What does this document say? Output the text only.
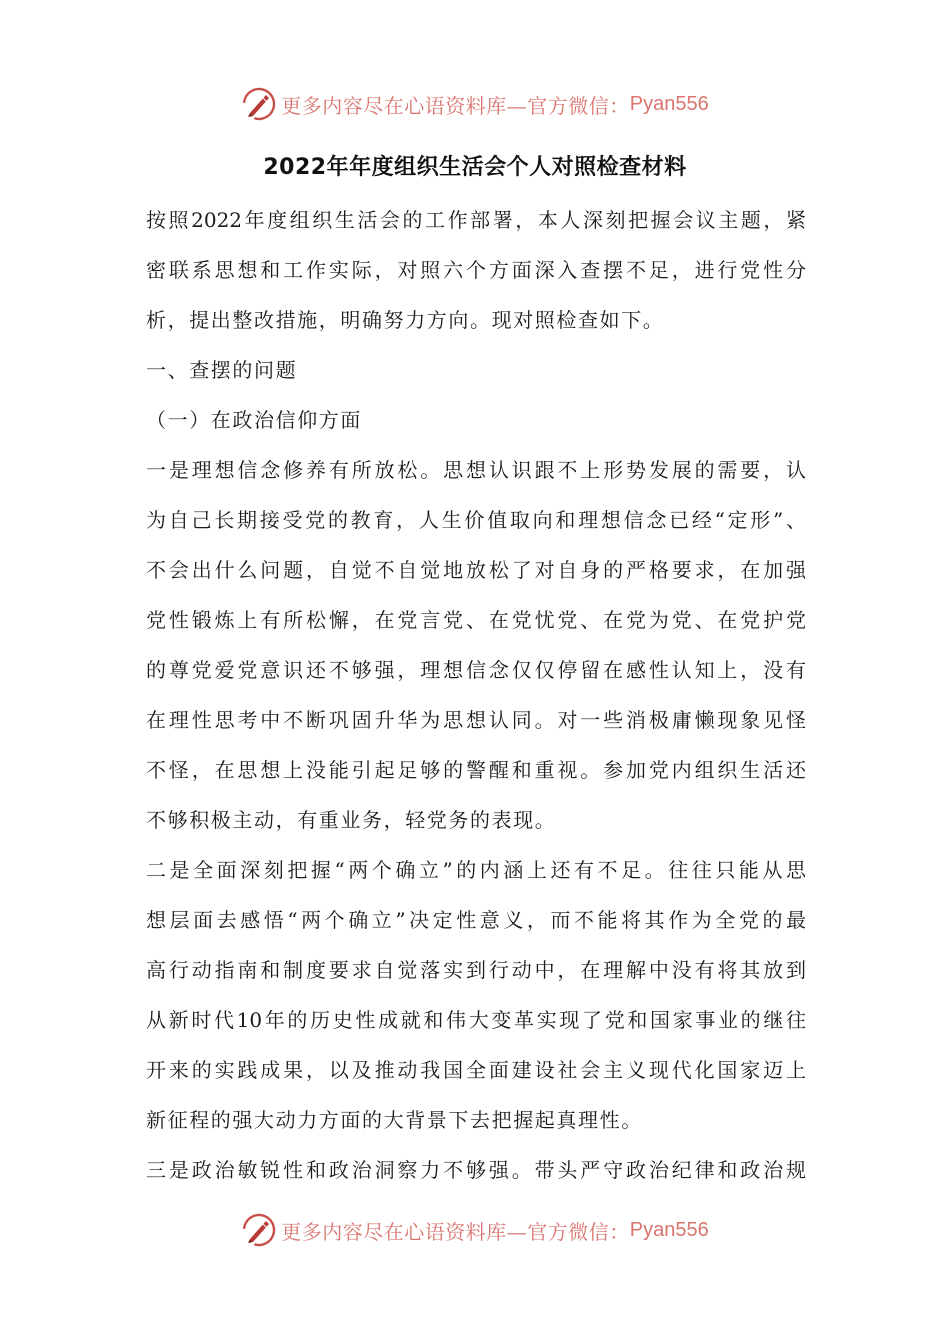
更多内容尽在心语资料库—官方微信： Pyan556
2022年年度组织生活会个人对照检查材料
按照2022年度组织生活会的工作部署，本人深刻把握会议主题，紧
密联系思想和工作实际，对照六个方面深入查摆不足，进行党性分
析，提出整改措施，明确努力方向。现对照检查如下。
一、查摆的问题
（一）在政治信仰方面
一是理想信念修养有所放松。思想认识跟不上形势发展的需要，认
为自己长期接受党的教育，人生价值取向和理想信念已经“定形”、
不会出什么问题，自觉不自觉地放松了对自身的严格要求，在加强
党性锻炼上有所松懈，在党言党、在党忧党、在党为党、在党护党
的尊党爱党意识还不够强，理想信念仅仅停留在感性认知上，没有
在理性思考中不断巩固升华为思想认同。对一些消极庸懒现象见怪
不怪，在思想上没能引起足够的警醒和重视。参加党内组织生活还
不够积极主动，有重业务，轻党务的表现。
二是全面深刻把握“两个确立”的内涵上还有不足。往往只能从思
想层面去感悟“两个确立”决定性意义，而不能将其作为全党的最
高行动指南和制度要求自觉落实到行动中，在理解中没有将其放到
从新时代10年的历史性成就和伟大变革实现了党和国家事业的继往
开来的实践成果，以及推动我国全面建设社会主义现代化国家迈上
新征程的强大动力方面的大背景下去把握起真理性。
三是政治敏锐性和政治洞察力不够强。带头严守政治纪律和政治规
更多内容尽在心语资料库—官方微信： Pyan556
